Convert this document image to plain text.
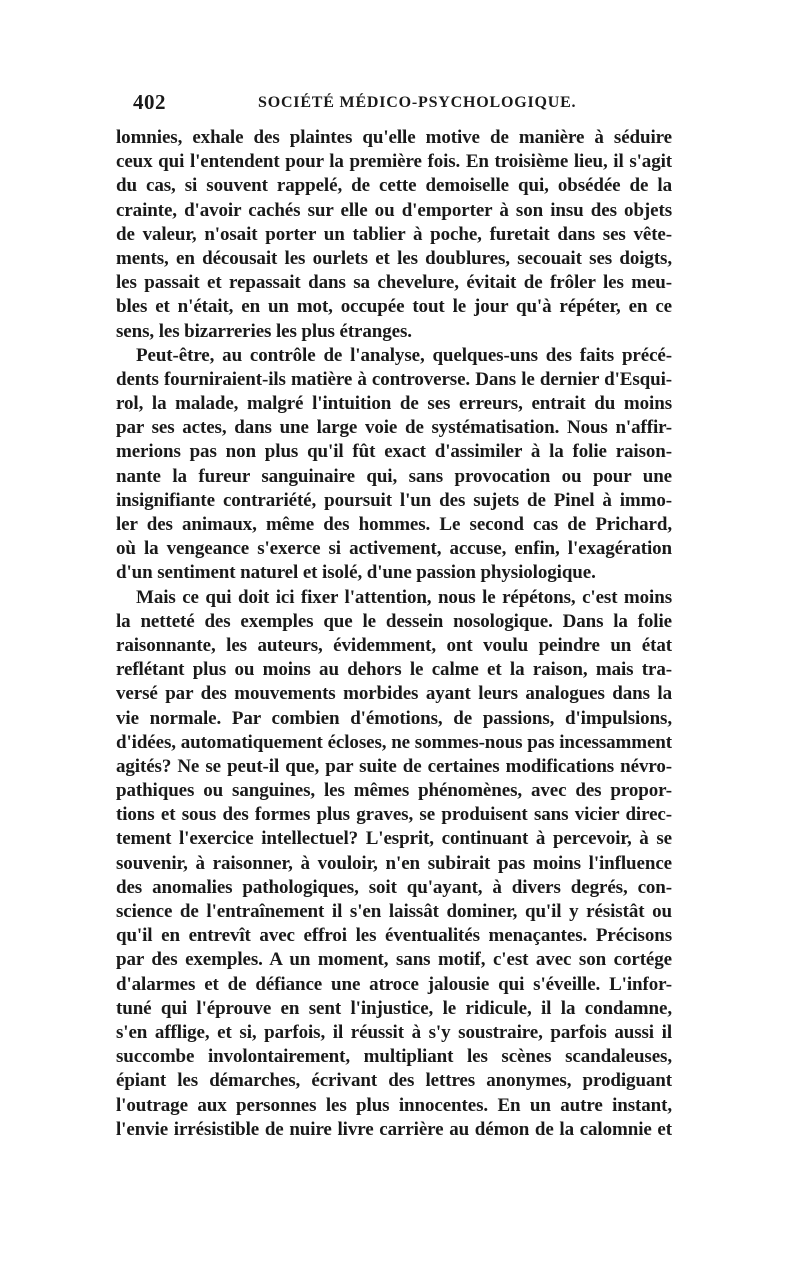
402	SOCIÉTÉ MÉDICO-PSYCHOLOGIQUE.
lomnies, exhale des plaintes qu'elle motive de manière à séduire
ceux qui l'entendent pour la première fois. En troisième lieu, il s'agit
du cas, si souvent rappelé, de cette demoiselle qui, obsédée de la
crainte, d'avoir cachés sur elle ou d'emporter à son insu des objets
de valeur, n'osait porter un tablier à poche, furetait dans ses vête-
ments, en décousait les ourlets et les doublures, secouait ses doigts,
les passait et repassait dans sa chevelure, évitait de frôler les meu-
bles et n'était, en un mot, occupée tout le jour qu'à répéter, en ce
sens, les bizarreries les plus étranges.
Peut-être, au contrôle de l'analyse, quelques-uns des faits précé-
dents fourniraient-ils matière à controverse. Dans le dernier d'Esqui-
rol, la malade, malgré l'intuition de ses erreurs, entrait du moins
par ses actes, dans une large voie de systématisation. Nous n'affir-
merions pas non plus qu'il fût exact d'assimiler à la folie raison-
nante la fureur sanguinaire qui, sans provocation ou pour une
insignifiante contrariété, poursuit l'un des sujets de Pinel à immo-
ler des animaux, même des hommes. Le second cas de Prichard,
où la vengeance s'exerce si activement, accuse, enfin, l'exagération
d'un sentiment naturel et isolé, d'une passion physiologique.
Mais ce qui doit ici fixer l'attention, nous le répétons, c'est moins
la netteté des exemples que le dessein nosologique. Dans la folie
raisonnante, les auteurs, évidemment, ont voulu peindre un état
reflétant plus ou moins au dehors le calme et la raison, mais tra-
versé par des mouvements morbides ayant leurs analogues dans la
vie normale. Par combien d'émotions, de passions, d'impulsions,
d'idées, automatiquement écloses, ne sommes-nous pas incessamment
agités? Ne se peut-il que, par suite de certaines modifications névro-
pathiques ou sanguines, les mêmes phénomènes, avec des propor-
tions et sous des formes plus graves, se produisent sans vicier direc-
tement l'exercice intellectuel? L'esprit, continuant à percevoir, à se
souvenir, à raisonner, à vouloir, n'en subirait pas moins l'influence
des anomalies pathologiques, soit qu'ayant, à divers degrés, con-
science de l'entraînement il s'en laissât dominer, qu'il y résistât ou
qu'il en entrevît avec effroi les éventualités menaçantes. Précisons
par des exemples. A un moment, sans motif, c'est avec son cortége
d'alarmes et de défiance une atroce jalousie qui s'éveille. L'infor-
tuné qui l'éprouve en sent l'injustice, le ridicule, il la condamne,
s'en afflige, et si, parfois, il réussit à s'y soustraire, parfois aussi il
succombe involontairement, multipliant les scènes scandaleuses,
épiant les démarches, écrivant des lettres anonymes, prodiguant
l'outrage aux personnes les plus innocentes. En un autre instant,
l'envie irrésistible de nuire livre carrière au démon de la calomnie et
